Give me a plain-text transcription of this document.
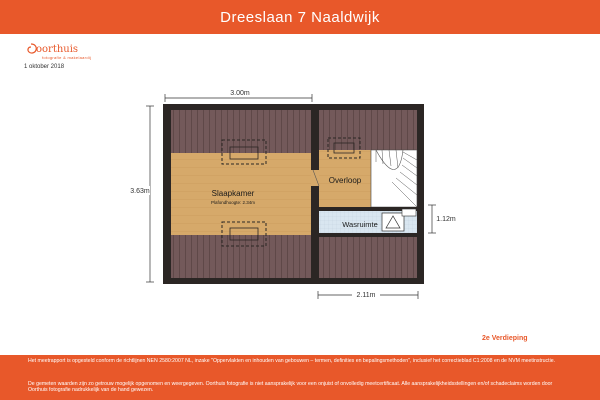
Dreeslaan 7 Naaldwijk
oorthuis
fotografie & makelaardij
1 oktober 2018
3.00m
3.63m
1.12m
2.11m
Slaapkamer
Plafondhoogte: 2.34m
Overloop
Wasruimte
2e Verdieping

Het meetrapport is opgesteld conform de richtlijnen NEN 2580:2007 NL, inzake "Oppervlakten en inhouden van gebouwen – termen, definities en bepalingsmethoden", inclusief het correctieblad C1:2008 en de NVM meetinstructie.

De gemeten waarden zijn zo getrouw mogelijk opgenomen en weergegeven. Oorthuis fotografie is niet aansprakelijk voor een onjuist of onvolledig meetcertificaat. Alle aansprakelijkheidsstellingen en/of schadeclaims worden door Oorthuis fotografie nadrukkelijk van de hand gewezen.
